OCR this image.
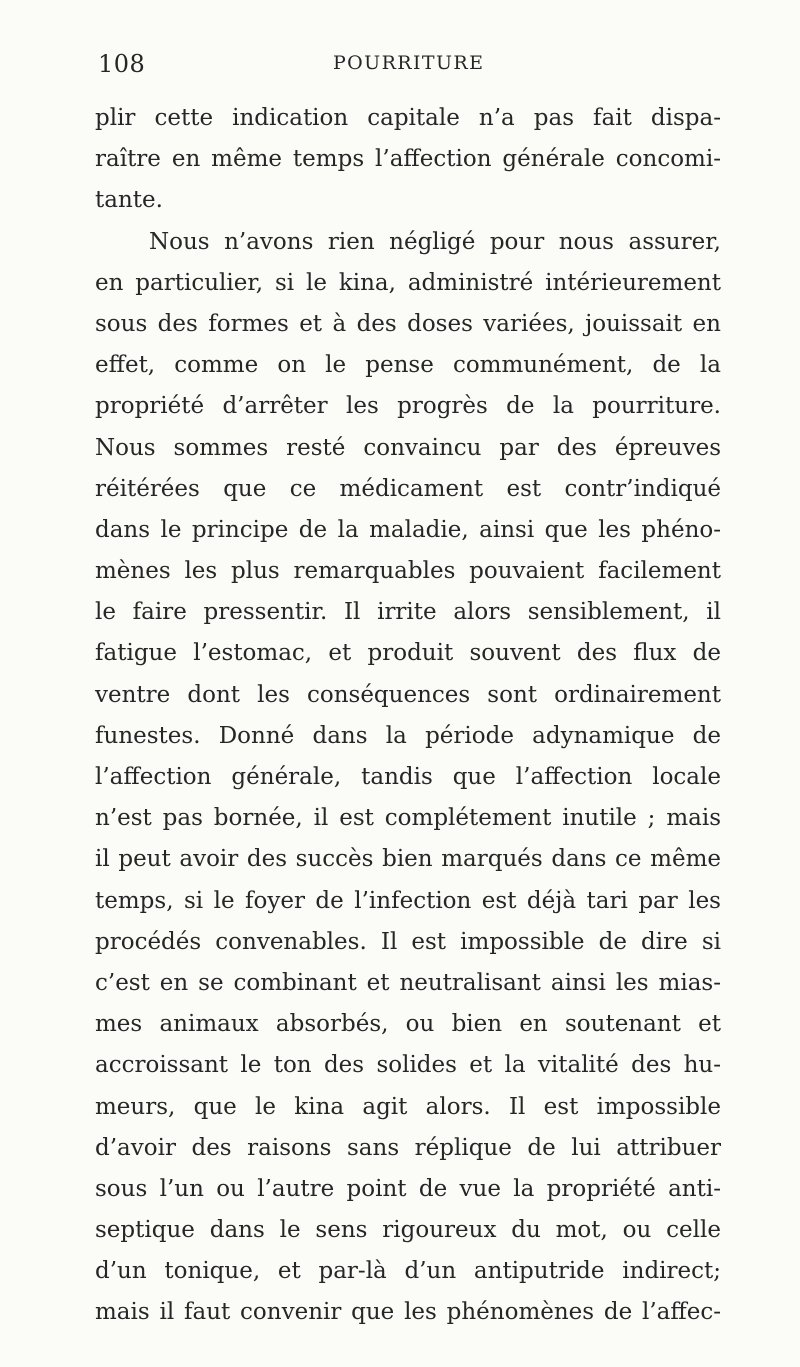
108	POURRITURE
plir cette indication capitale n’a pas fait dispa-
raître en même temps l’affection générale concomi-
tante.
Nous n’avons rien négligé pour nous assurer,
en particulier, si le kina, administré intérieurement
sous des formes et à des doses variées, jouissait en
effet, comme on le pense communément, de la
propriété d’arrêter les progrès de la pourriture.
Nous sommes resté convaincu par des épreuves
réitérées que ce médicament est contr’indiqué
dans le principe de la maladie, ainsi que les phéno-
mènes les plus remarquables pouvaient facilement
le faire pressentir. Il irrite alors sensiblement, il
fatigue l’estomac, et produit souvent des flux de
ventre dont les conséquences sont ordinairement
funestes. Donné dans la période adynamique de
l’affection générale, tandis que l’affection locale
n’est pas bornée, il est complétement inutile ; mais
il peut avoir des succès bien marqués dans ce même
temps, si le foyer de l’infection est déjà tari par les
procédés convenables. Il est impossible de dire si
c’est en se combinant et neutralisant ainsi les mias-
mes animaux absorbés, ou bien en soutenant et
accroissant le ton des solides et la vitalité des hu-
meurs, que le kina agit alors. Il est impossible
d’avoir des raisons sans réplique de lui attribuer
sous l’un ou l’autre point de vue la propriété anti-
septique dans le sens rigoureux du mot, ou celle
d’un tonique, et par-là d’un antiputride indirect;
mais il faut convenir que les phénomènes de l’affec-
